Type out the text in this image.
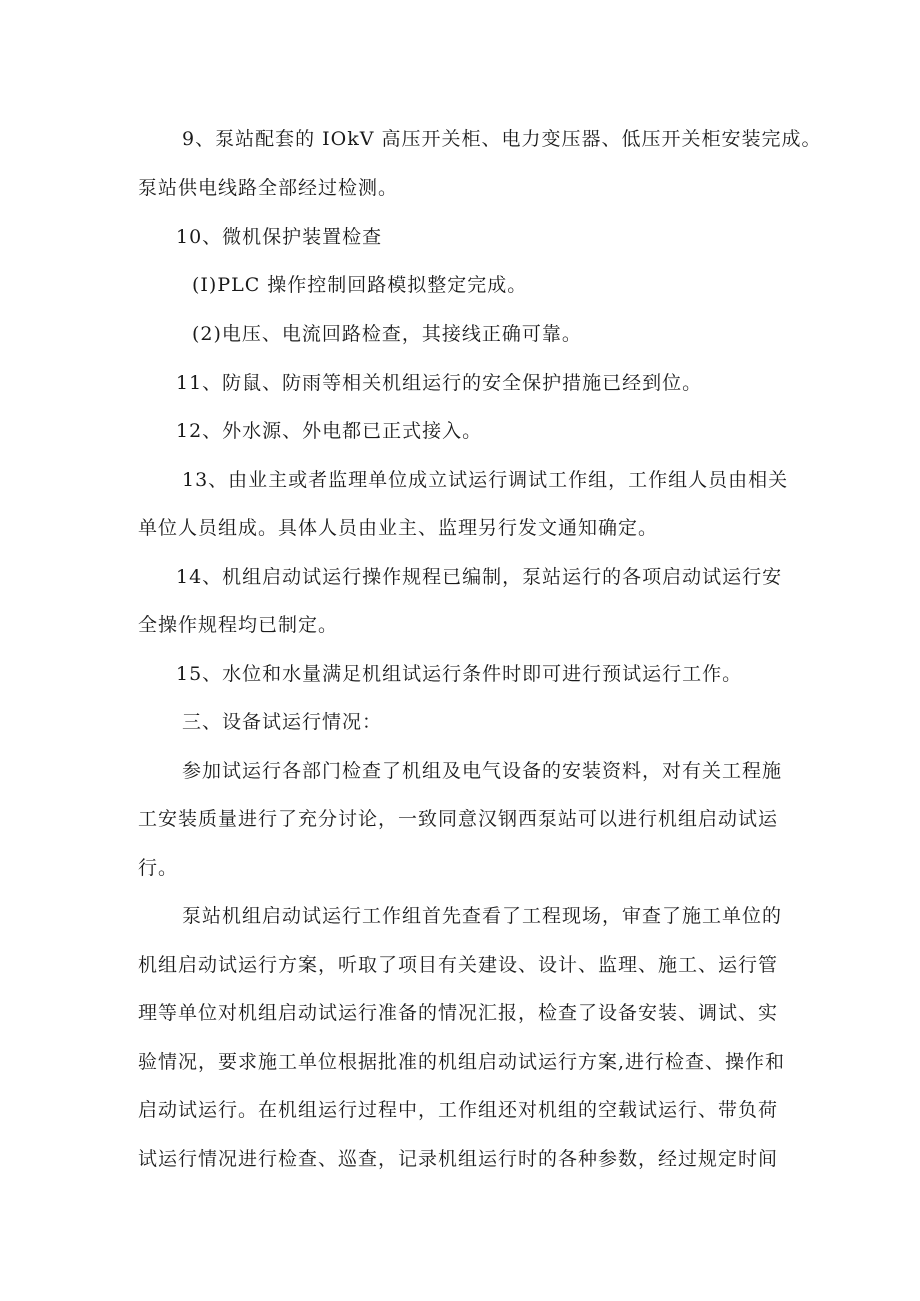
9、泵站配套的 IOkV 高压开关柜、电力变压器、低压开关柜安装完成。
泵站供电线路全部经过检测。
10、微机保护装置检查
(I)PLC 操作控制回路模拟整定完成。
(2)电压、电流回路检查，其接线正确可靠。
11、防鼠、防雨等相关机组运行的安全保护措施已经到位。
12、外水源、外电都已正式接入。
13、由业主或者监理单位成立试运行调试工作组，工作组人员由相关
单位人员组成。具体人员由业主、监理另行发文通知确定。
14、机组启动试运行操作规程已编制，泵站运行的各项启动试运行安
全操作规程均已制定。
15、水位和水量满足机组试运行条件时即可进行预试运行工作。
三、设备试运行情况：
参加试运行各部门检查了机组及电气设备的安装资料，对有关工程施
工安装质量进行了充分讨论，一致同意汉钢西泵站可以进行机组启动试运
行。
泵站机组启动试运行工作组首先查看了工程现场，审查了施工单位的
机组启动试运行方案，听取了项目有关建设、设计、监理、施工、运行管
理等单位对机组启动试运行准备的情况汇报，检查了设备安装、调试、实
验情况，要求施工单位根据批准的机组启动试运行方案,进行检查、操作和
启动试运行。在机组运行过程中，工作组还对机组的空载试运行、带负荷
试运行情况进行检查、巡查，记录机组运行时的各种参数，经过规定时间
